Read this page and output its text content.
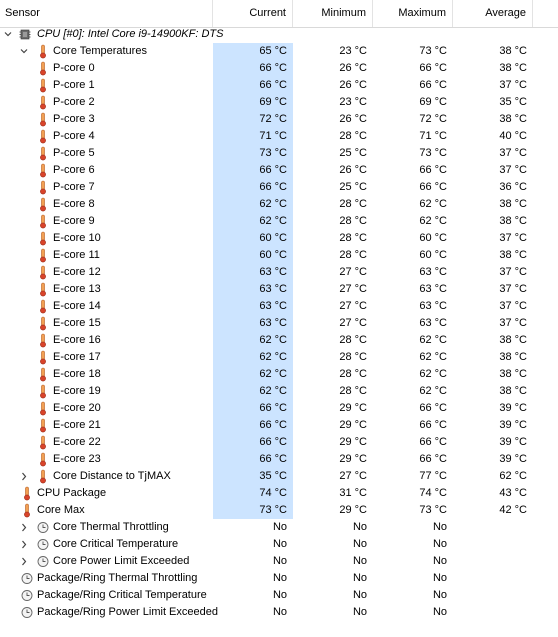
Sensor	Current	Minimum	Maximum	Average
CPU [#0]: Intel Core i9-14900KF: DTS
Core Temperatures	65 °C	23 °C	73 °C	38 °C
P-core 0	66 °C	26 °C	66 °C	38 °C
P-core 1	66 °C	26 °C	66 °C	37 °C
P-core 2	69 °C	23 °C	69 °C	35 °C
P-core 3	72 °C	26 °C	72 °C	38 °C
P-core 4	71 °C	28 °C	71 °C	40 °C
P-core 5	73 °C	25 °C	73 °C	37 °C
P-core 6	66 °C	26 °C	66 °C	37 °C
P-core 7	66 °C	25 °C	66 °C	36 °C
E-core 8	62 °C	28 °C	62 °C	38 °C
E-core 9	62 °C	28 °C	62 °C	38 °C
E-core 10	60 °C	28 °C	60 °C	37 °C
E-core 11	60 °C	28 °C	60 °C	38 °C
E-core 12	63 °C	27 °C	63 °C	37 °C
E-core 13	63 °C	27 °C	63 °C	37 °C
E-core 14	63 °C	27 °C	63 °C	37 °C
E-core 15	63 °C	27 °C	63 °C	37 °C
E-core 16	62 °C	28 °C	62 °C	38 °C
E-core 17	62 °C	28 °C	62 °C	38 °C
E-core 18	62 °C	28 °C	62 °C	38 °C
E-core 19	62 °C	28 °C	62 °C	38 °C
E-core 20	66 °C	29 °C	66 °C	39 °C
E-core 21	66 °C	29 °C	66 °C	39 °C
E-core 22	66 °C	29 °C	66 °C	39 °C
E-core 23	66 °C	29 °C	66 °C	39 °C
Core Distance to TjMAX	35 °C	27 °C	77 °C	62 °C
CPU Package	74 °C	31 °C	74 °C	43 °C
Core Max	73 °C	29 °C	73 °C	42 °C
Core Thermal Throttling	No	No	No
Core Critical Temperature	No	No	No
Core Power Limit Exceeded	No	No	No
Package/Ring Thermal Throttling	No	No	No
Package/Ring Critical Temperature	No	No	No
Package/Ring Power Limit Exceeded	No	No	No
